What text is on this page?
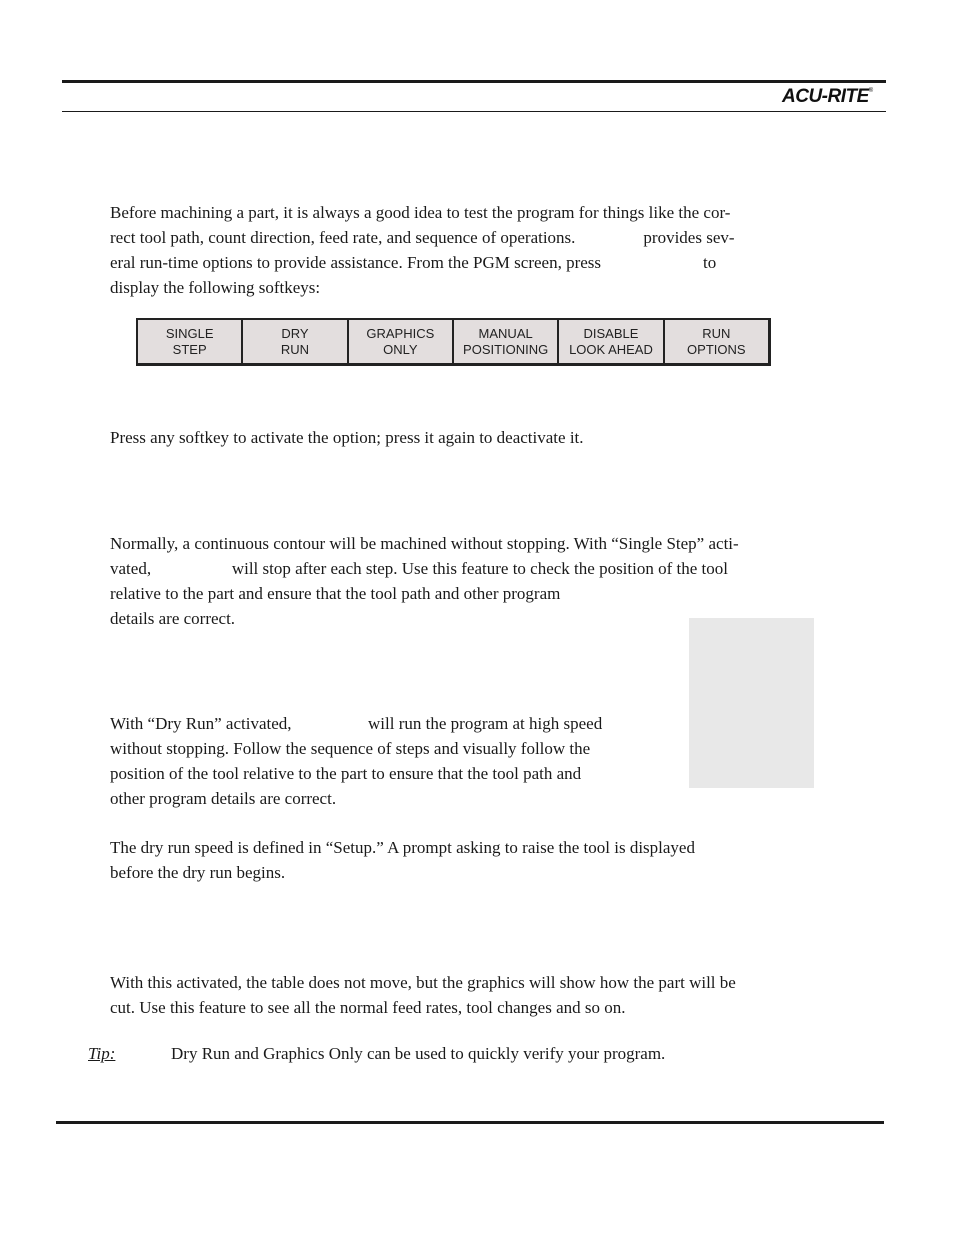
ACU-RITE®

Before machining a part, it is always a good idea to test the program for things like the cor-
rect tool path, count direction, feed rate, and sequence of operations.                provides sev-
eral run-time options to provide assistance. From the PGM screen, press                        to
display the following softkeys:

SINGLE
STEP
DRY
RUN
GRAPHICS
ONLY
MANUAL
POSITIONING
DISABLE
LOOK AHEAD
RUN
OPTIONS

Press any softkey to activate the option; press it again to deactivate it.

Normally, a continuous contour will be machined without stopping. With “Single Step” acti-
vated,                   will stop after each step. Use this feature to check the position of the tool
relative to the part and ensure that the tool path and other program
details are correct.

With “Dry Run” activated,                  will run the program at high speed
without stopping. Follow the sequence of steps and visually follow the
position of the tool relative to the part to ensure that the tool path and
other program details are correct.

The dry run speed is defined in “Setup.” A prompt asking to raise the tool is displayed
before the dry run begins.

With this activated, the table does not move, but the graphics will show how the part will be
cut. Use this feature to see all the normal feed rates, tool changes and so on.

Tip:	Dry Run and Graphics Only can be used to quickly verify your program.
